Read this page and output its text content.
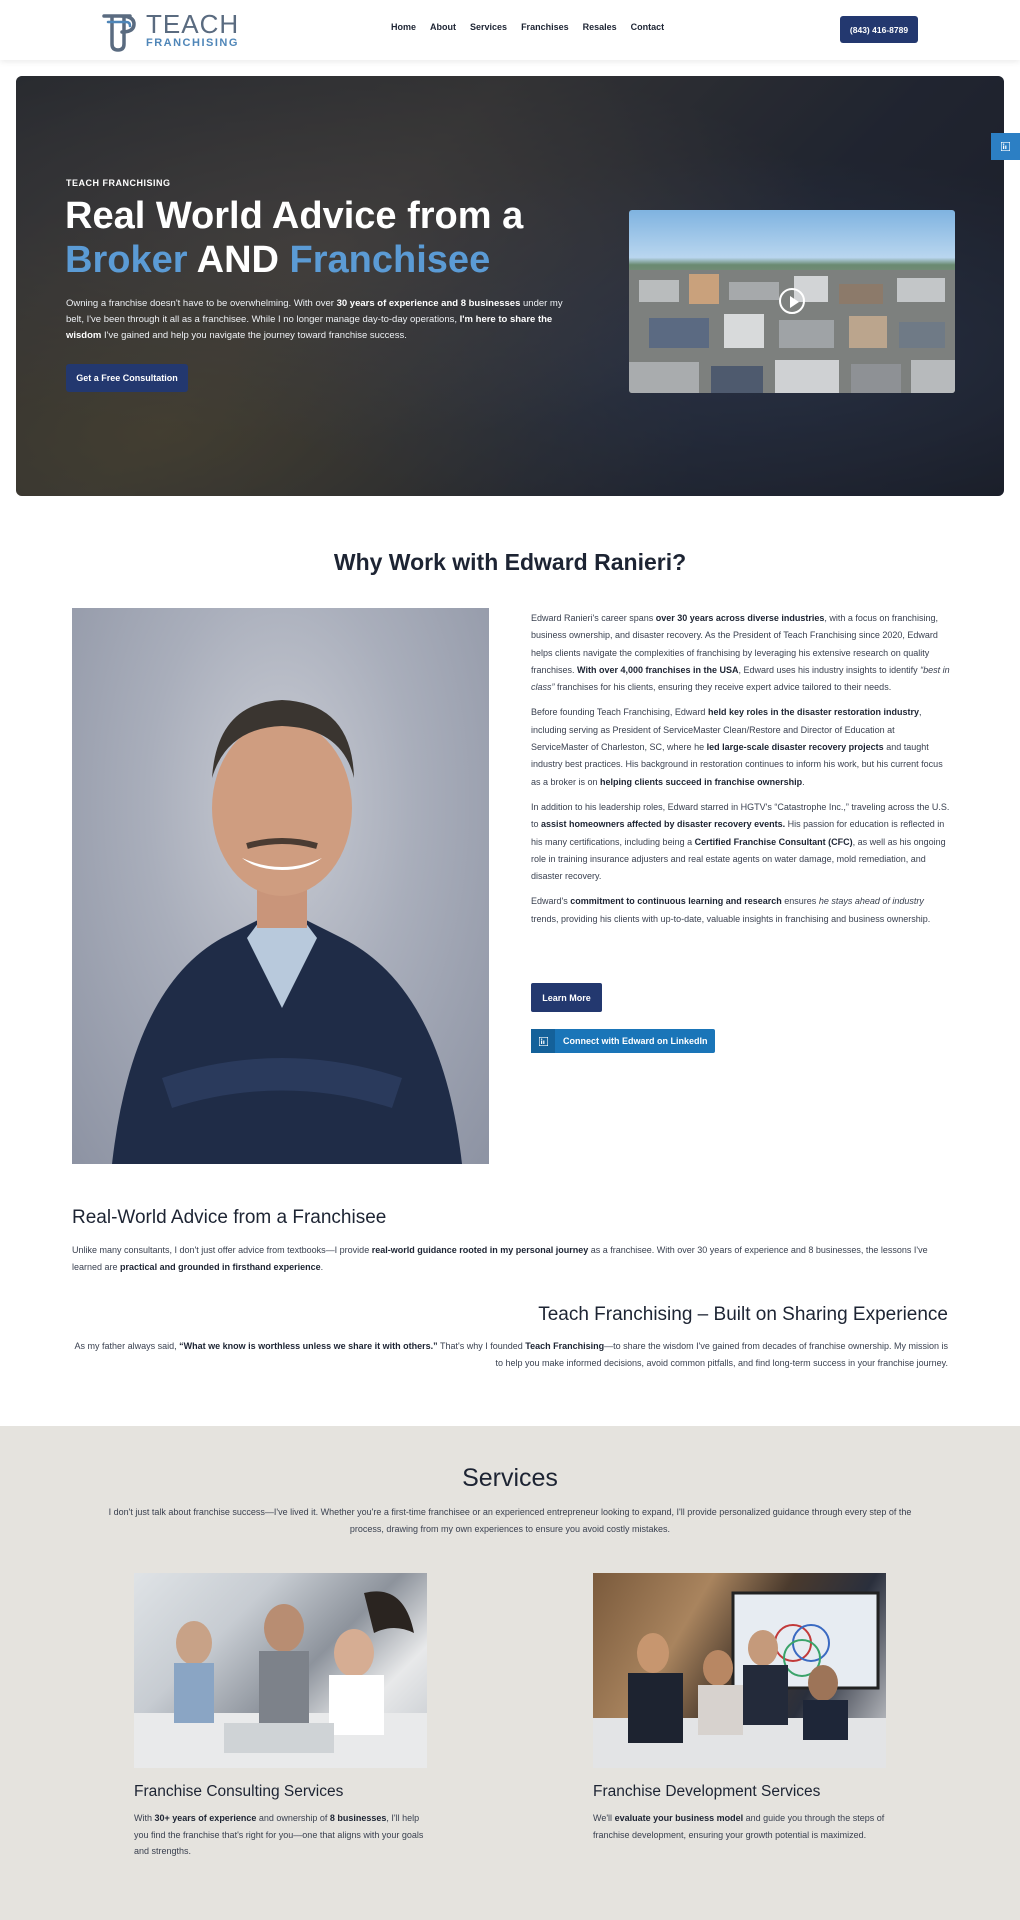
TEACH
FRANCHISING
Home About Services Franchises Resales Contact	(843) 416-8789
TEACH FRANCHISING
Real World Advice from a
Broker AND Franchisee

Owning a franchise doesn't have to be overwhelming. With over 30 years of experience and 8 businesses under my belt, I've been through it all as a franchisee. While I no longer manage day-to-day operations, I'm here to share the wisdom I've gained and help you navigate the journey toward franchise success.

Get a Free Consultation
Why Work with Edward Ranieri?

Edward Ranieri's career spans over 30 years across diverse industries, with a focus on franchising, business ownership, and disaster recovery. As the President of Teach Franchising since 2020, Edward helps clients navigate the complexities of franchising by leveraging his extensive research on quality franchises. With over 4,000 franchises in the USA, Edward uses his industry insights to identify “best in class” franchises for his clients, ensuring they receive expert advice tailored to their needs.

Before founding Teach Franchising, Edward held key roles in the disaster restoration industry, including serving as President of ServiceMaster Clean/Restore and Director of Education at ServiceMaster of Charleston, SC, where he led large-scale disaster recovery projects and taught industry best practices. His background in restoration continues to inform his work, but his current focus as a broker is on helping clients succeed in franchise ownership.

In addition to his leadership roles, Edward starred in HGTV's “Catastrophe Inc.,” traveling across the U.S. to assist homeowners affected by disaster recovery events. His passion for education is reflected in his many certifications, including being a Certified Franchise Consultant (CFC), as well as his ongoing role in training insurance adjusters and real estate agents on water damage, mold remediation, and disaster recovery.

Edward's commitment to continuous learning and research ensures he stays ahead of industry trends, providing his clients with up-to-date, valuable insights in franchising and business ownership.

Learn More
Connect with Edward on LinkedIn
Real-World Advice from a Franchisee

Unlike many consultants, I don't just offer advice from textbooks—I provide real-world guidance rooted in my personal journey as a franchisee. With over 30 years of experience and 8 businesses, the lessons I've learned are practical and grounded in firsthand experience.

Teach Franchising – Built on Sharing Experience

As my father always said, “What we know is worthless unless we share it with others.” That's why I founded Teach Franchising—to share the wisdom I've gained from decades of franchise ownership. My mission is to help you make informed decisions, avoid common pitfalls, and find long-term success in your franchise journey.

Services

I don't just talk about franchise success—I've lived it. Whether you're a first-time franchisee or an experienced entrepreneur looking to expand, I'll provide personalized guidance through every step of the process, drawing from my own experiences to ensure you avoid costly mistakes.

Franchise Consulting Services

With 30+ years of experience and ownership of 8 businesses, I'll help you find the franchise that's right for you—one that aligns with your goals and strengths.

Franchise Development Services

We'll evaluate your business model and guide you through the steps of franchise development, ensuring your growth potential is maximized.
